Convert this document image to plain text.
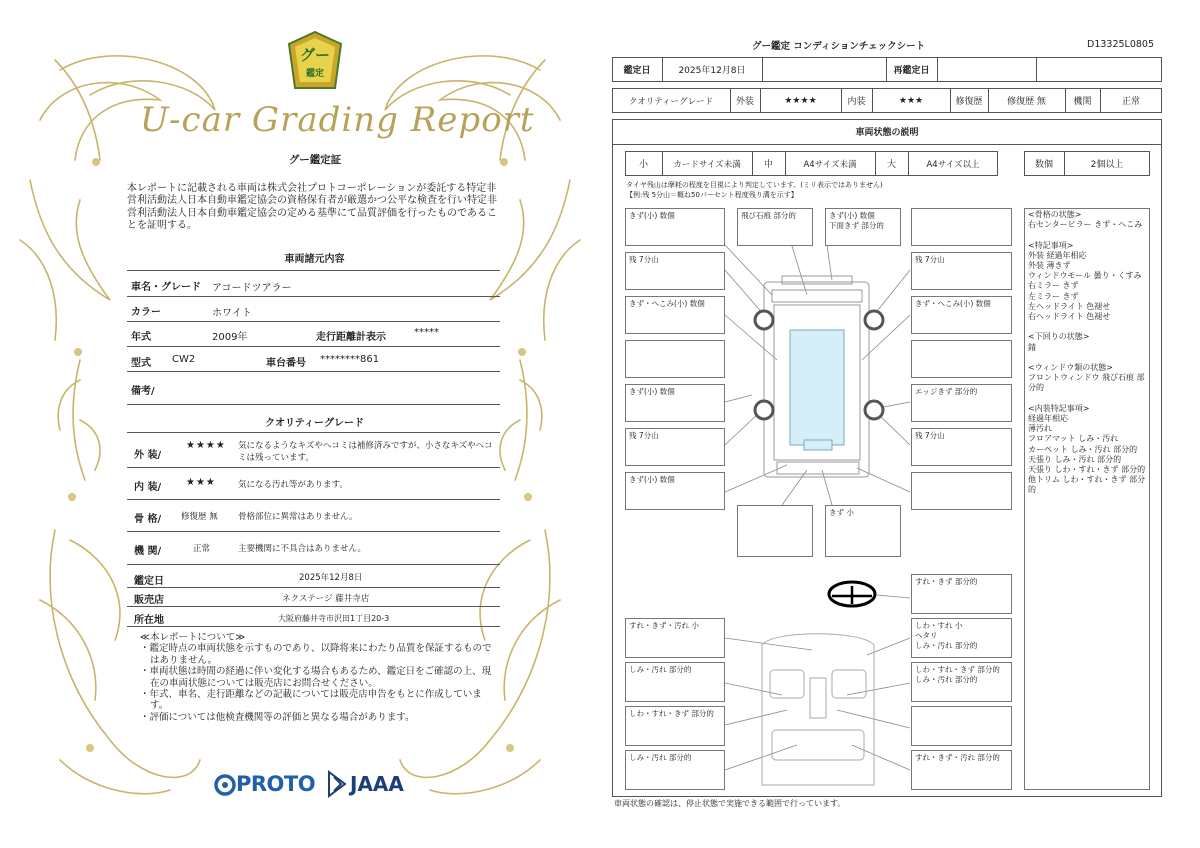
グー
鑑定
U-car Grading Report
グー鑑定証
本レポートに記載される車両は株式会社プロトコーポレーションが委託する特定非営利活動法人日本自動車鑑定協会の資格保有者が厳選かつ公平な検査を行い特定非営利活動法人日本自動車鑑定協会の定める基準にて品質評価を行ったものであることを証明する。
車両諸元内容
車名・グレード アコードツアラー
カラー	ホワイト
年式	2009年	走行距離計表示	*****
型式 CW2	車台番号 ********861
備考/
クオリティーグレード
外 装/
★★★★ 気になるようなキズやヘコミは補修済みですが、小さなキズやヘコミは残っています。
内 装/ ★★★	気になる汚れ等があります。
骨 格/ 修復歴 無 骨格部位に異常はありません。
機 関/	正常	主要機関に不具合はありません。
鑑定日	2025年12月8日
販売店	ネクステージ 藤井寺店
所在地	大阪府藤井寺市沢田1丁目20-3
≪本レポートについて≫
・鑑定時点の車両状態を示すものであり、以降将来にわたり品質を保証するものではありません。
・車両状態は時間の経過に伴い変化する場合もあるため、鑑定日をご確認の上、現在の車両状態については販売店にお問合せください。
・年式、車名、走行距離などの記載については販売店申告をもとに作成しています。
・評価については他検査機関等の評価と異なる場合があります。
PROTO JAAA
グー鑑定 コンディションチェックシート	D13325L0805
鑑定日	2025年12月8日	再鑑定日
クオリティーグレード	外装	★★★★	内装	★★★	修復歴	修復歴 無	機関	正常
車両状態の説明
小	カードサイズ未満	中	A4サイズ未満	大	A4サイズ以上	数個	2個以上
タイヤ残山は摩耗の程度を目視により判定しています。(ミリ表示ではありません)
【例:残 5分山＝概ね50パーセント程度残り溝を示す】
きず(小) 数個	飛び石痕 部分的	きず(小) 数個
下面きず 部分的
残 7分山	残 7分山
きず・へこみ(小) 数個	きず・へこみ(小) 数個
きず(小) 数個	エッジきず 部分的
残 7分山	残 7分山
きず(小) 数個
きず 小
すれ・きず 部分的
すれ・きず・汚れ 小	しわ・すれ 小
へタリ
しみ・汚れ 部分的
しみ・汚れ 部分的	しわ・すれ・きず 部分的
しみ・汚れ 部分的
しわ・すれ・きず 部分的
しみ・汚れ 部分的	すれ・きず・汚れ 部分的
<骨格の状態>
右センターピラー きず・へこみ

<特記事項>
外装 経過年相応
外装 薄きず
ウィンドウモール 曇り・くすみ
右ミラー きず
左ミラー きず
左ヘッドライト 色褪せ
右ヘッドライト 色褪せ

<下回りの状態>
錆

<ウィンドウ類の状態>
フロントウィンドウ 飛び石痕 部分的

<内装特記事項>
経過年相応
薄汚れ
フロアマット しみ・汚れ
カーペット しみ・汚れ 部分的
天張り しみ・汚れ 部分的
天張り しわ・すれ・きず 部分的
他トリム しわ・すれ・きず 部分的
車両状態の確認は、停止状態で実施できる範囲で行っています。
